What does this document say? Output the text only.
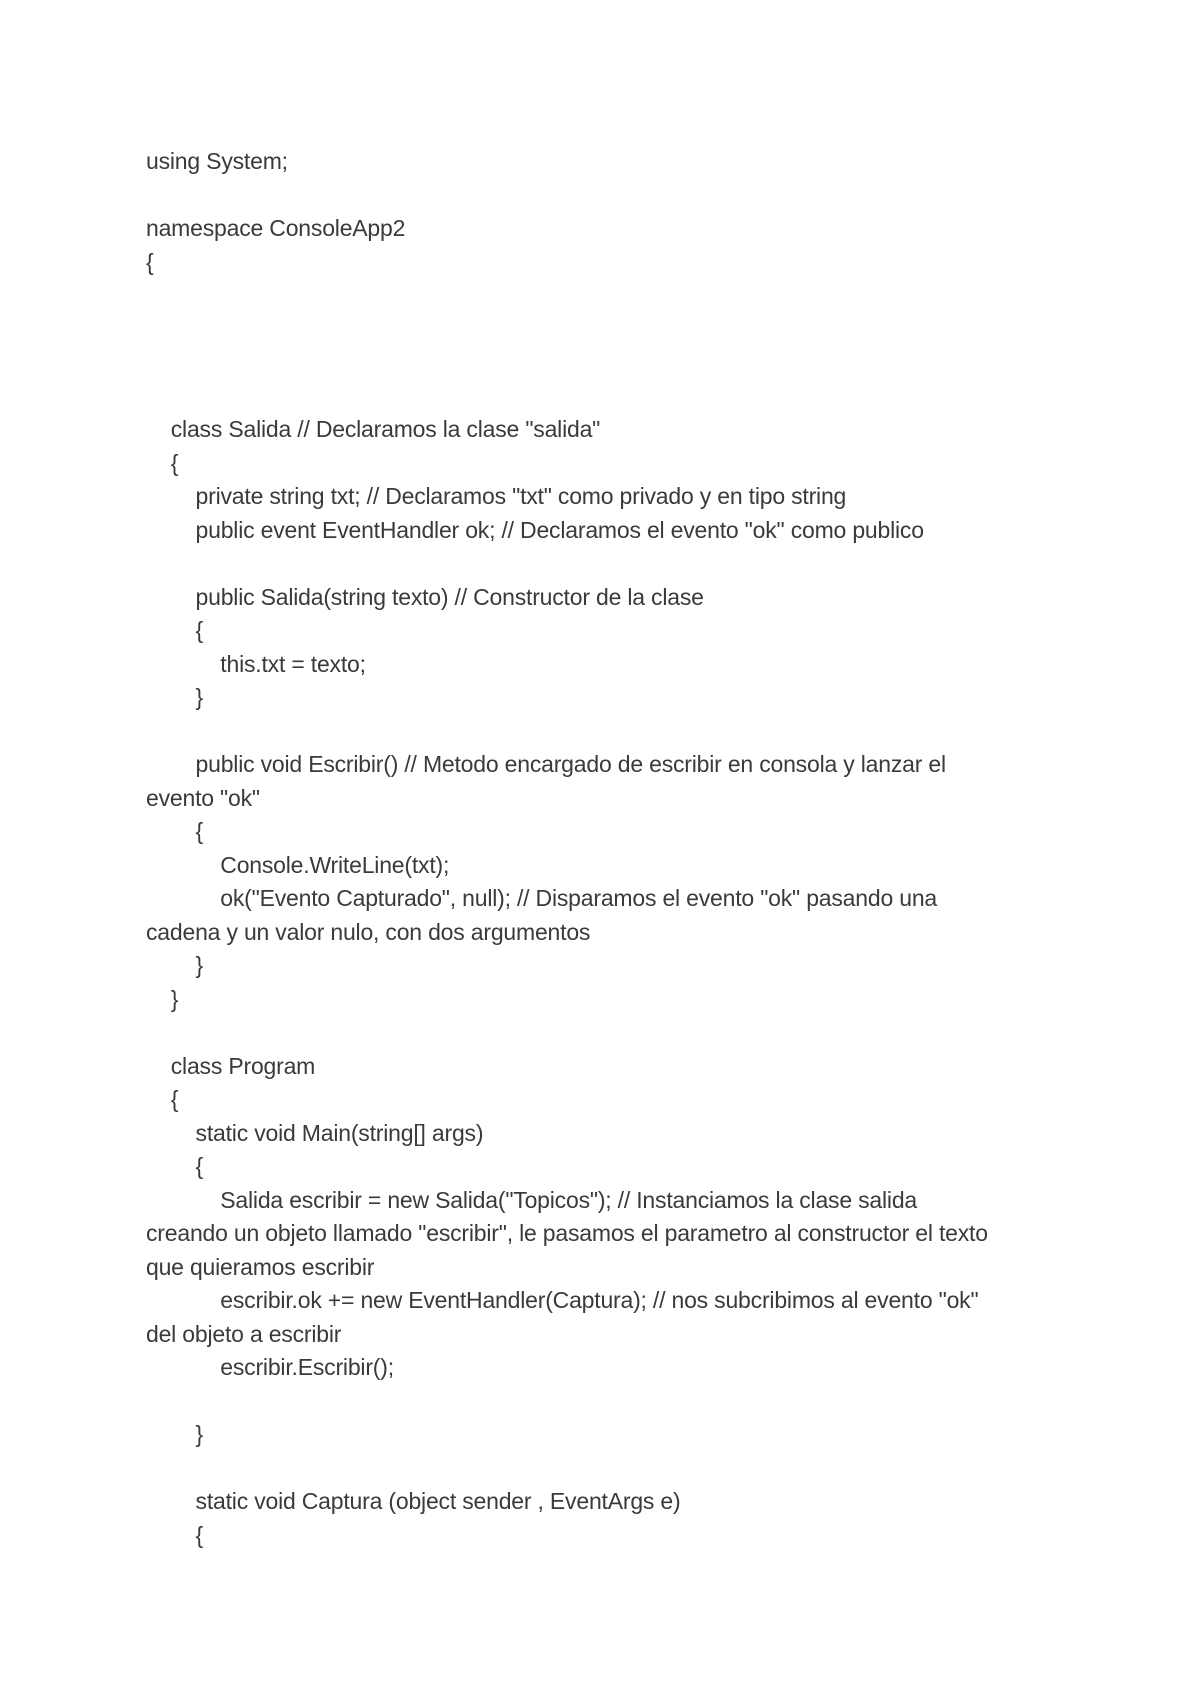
using System;
namespace ConsoleApp2
{
class Salida // Declaramos la clase "salida"
{
private string txt; // Declaramos "txt" como privado y en tipo string
public event EventHandler ok; // Declaramos el evento "ok" como publico
public Salida(string texto) // Constructor de la clase
{
this.txt = texto;
}
public void Escribir() // Metodo encargado de escribir en consola y lanzar el
evento "ok"
{
Console.WriteLine(txt);
ok("Evento Capturado", null); // Disparamos el evento "ok" pasando una
cadena y un valor nulo, con dos argumentos
}
}
class Program
{
static void Main(string[] args)
{
Salida escribir = new Salida("Topicos"); // Instanciamos la clase salida
creando un objeto llamado "escribir", le pasamos el parametro al constructor el texto
que quieramos escribir
escribir.ok += new EventHandler(Captura); // nos subcribimos al evento "ok"
del objeto a escribir
escribir.Escribir();
}
static void Captura (object sender , EventArgs e)
{
